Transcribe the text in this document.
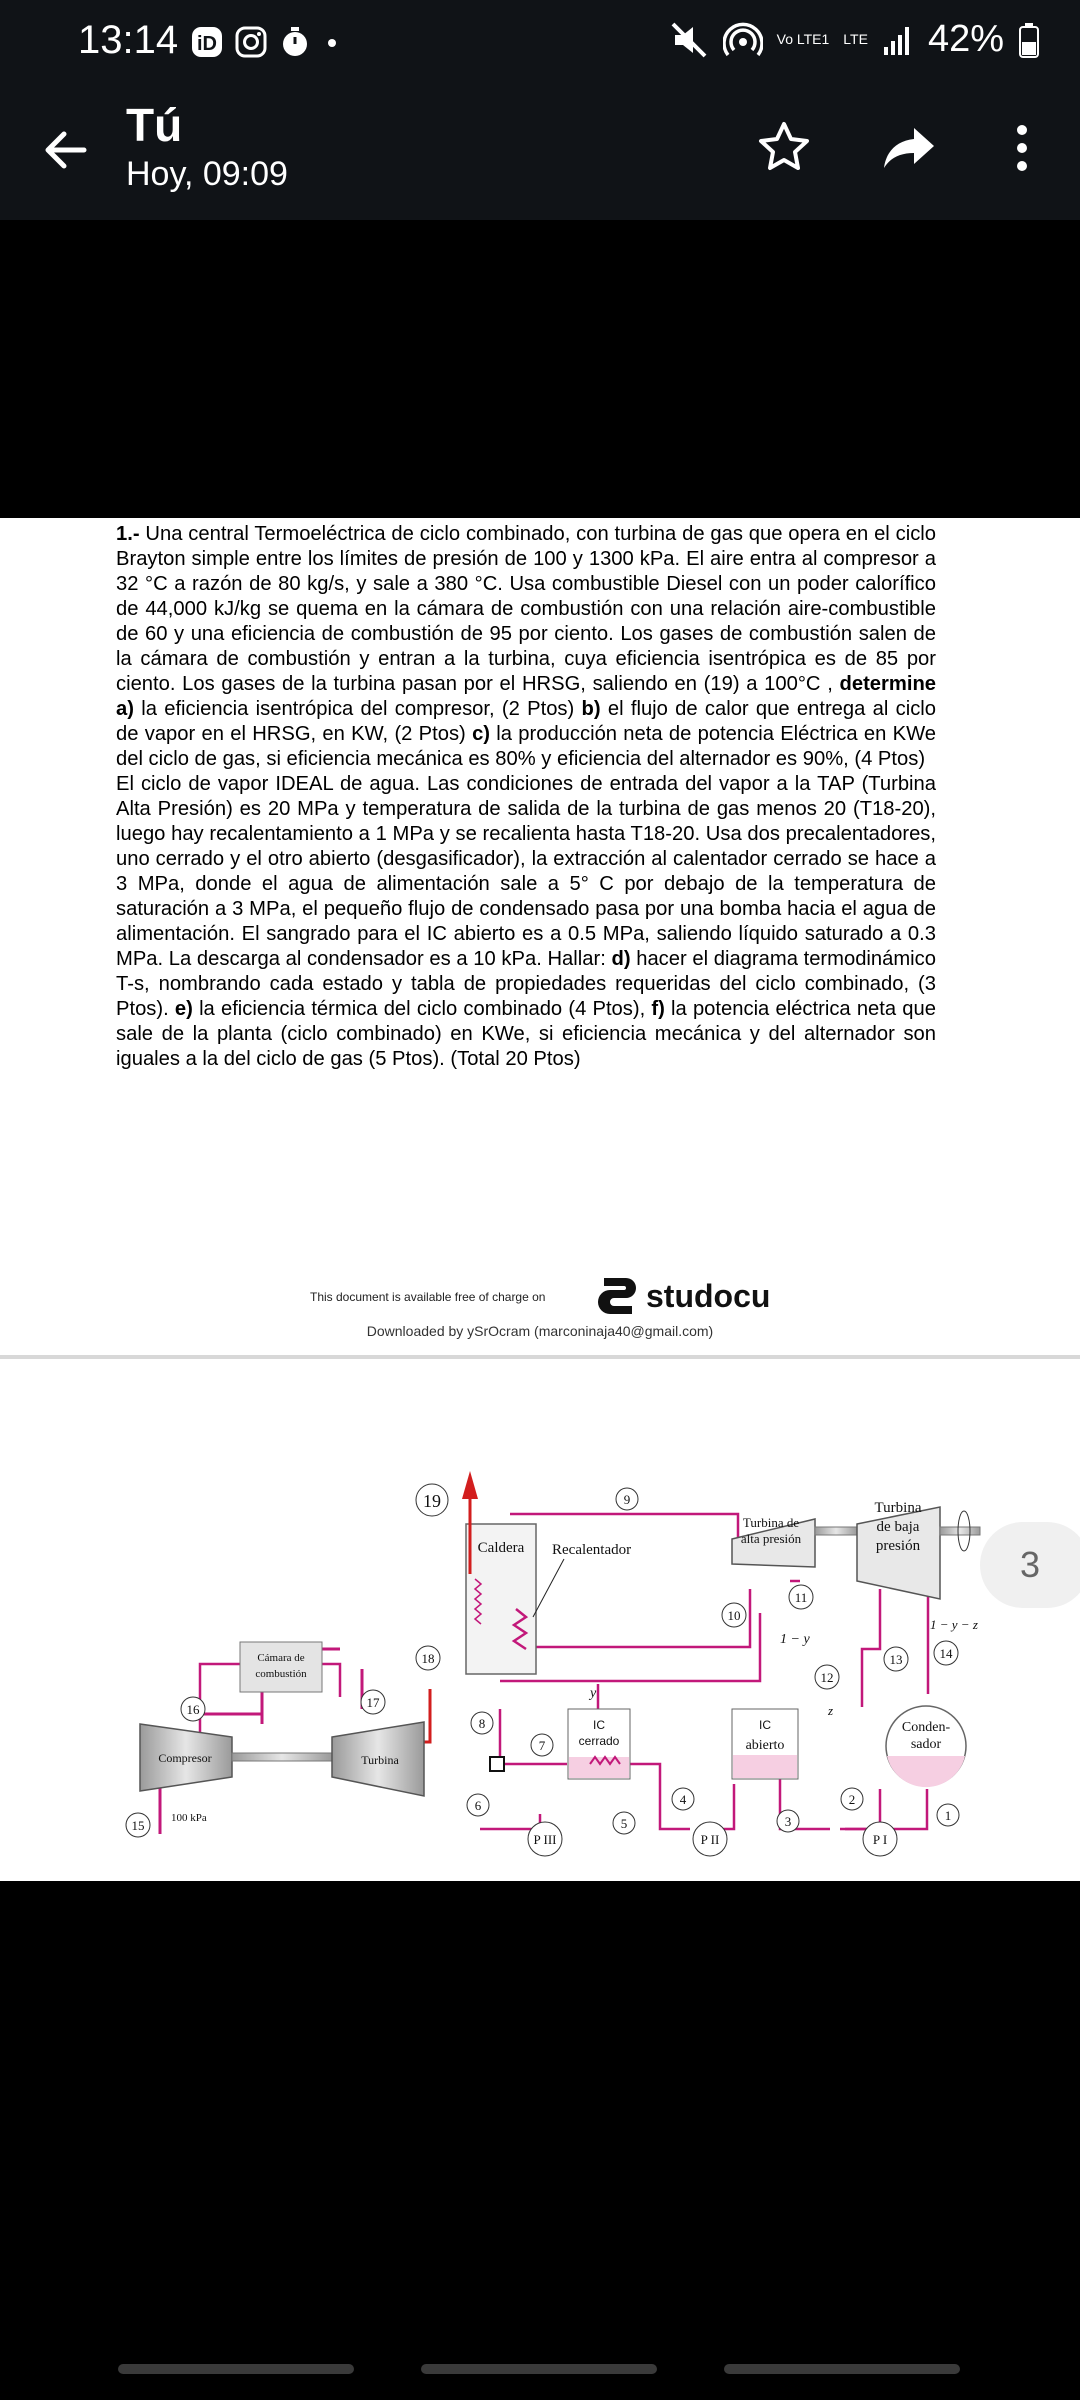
13:14 iD	Vo LTE1 LTE 42%
Tú
Hoy, 09:09
1.- Una central Termoeléctrica de ciclo combinado, con turbina de gas que opera en el ciclo Brayton simple entre los límites de presión de 100 y 1300 kPa. El aire entra al compresor a 32 °C a razón de 80 kg/s, y sale a 380 °C. Usa combustible Diesel con un poder calorífico de 44,000 kJ/kg se quema en la cámara de combustión con una relación aire-combustible de 60 y una eficiencia de combustión de 95 por ciento. Los gases de combustión salen de la cámara de combustión y entran a la turbina, cuya eficiencia isentrópica es de 85 por ciento. Los gases de la turbina pasan por el HRSG, saliendo en (19) a 100°C , determine a) la eficiencia isentrópica del compresor, (2 Ptos) b) el flujo de calor que entrega al ciclo de vapor en el HRSG, en KW, (2 Ptos) c) la producción neta de potencia Eléctrica en KWe del ciclo de gas, si eficiencia mecánica es 80% y eficiencia del alternador es 90%, (4 Ptos)
El ciclo de vapor IDEAL de agua. Las condiciones de entrada del vapor a la TAP (Turbina Alta Presión) es 20 MPa y temperatura de salida de la turbina de gas menos 20 (T18-20), luego hay recalentamiento a 1 MPa y se recalienta hasta T18-20. Usa dos precalentadores, uno cerrado y el otro abierto (desgasificador), la extracción al calentador cerrado se hace a 3 MPa, donde el agua de alimentación sale a 5° C por debajo de la temperatura de saturación a 3 MPa, el pequeño flujo de condensado pasa por una bomba hacia el agua de alimentación. El sangrado para el IC abierto es a 0.5 MPa, saliendo líquido saturado a 0.3 MPa. La descarga al condensador es a 10 kPa. Hallar: d) hacer el diagrama termodinámico T-s, nombrando cada estado y tabla de propiedades requeridas del ciclo combinado, (3 Ptos). e) la eficiencia térmica del ciclo combinado (4 Ptos), f) la potencia eléctrica neta que sale de la planta (ciclo combinado) en KWe, si eficiencia mecánica y del alternador son iguales a la del ciclo de gas (5 Ptos). (Total 20 Ptos)
This document is available free of charge on	studocu
Downloaded by ySrOcram (marconinaja40@gmail.com)
Compresor	Turbina
Cámara de
combustión
100 kPa
Caldera Recalentador
Turbina de
alta presión
Turbina
de baja
presión
IC
cerrado
IC
abierto
Conden-
sador
P III	P II	P I
y
z
1 − y
1 − y − z
1
2
3
4
5
6
7
8
9
10
11
12
13	14
15
16	17
18
19
3
